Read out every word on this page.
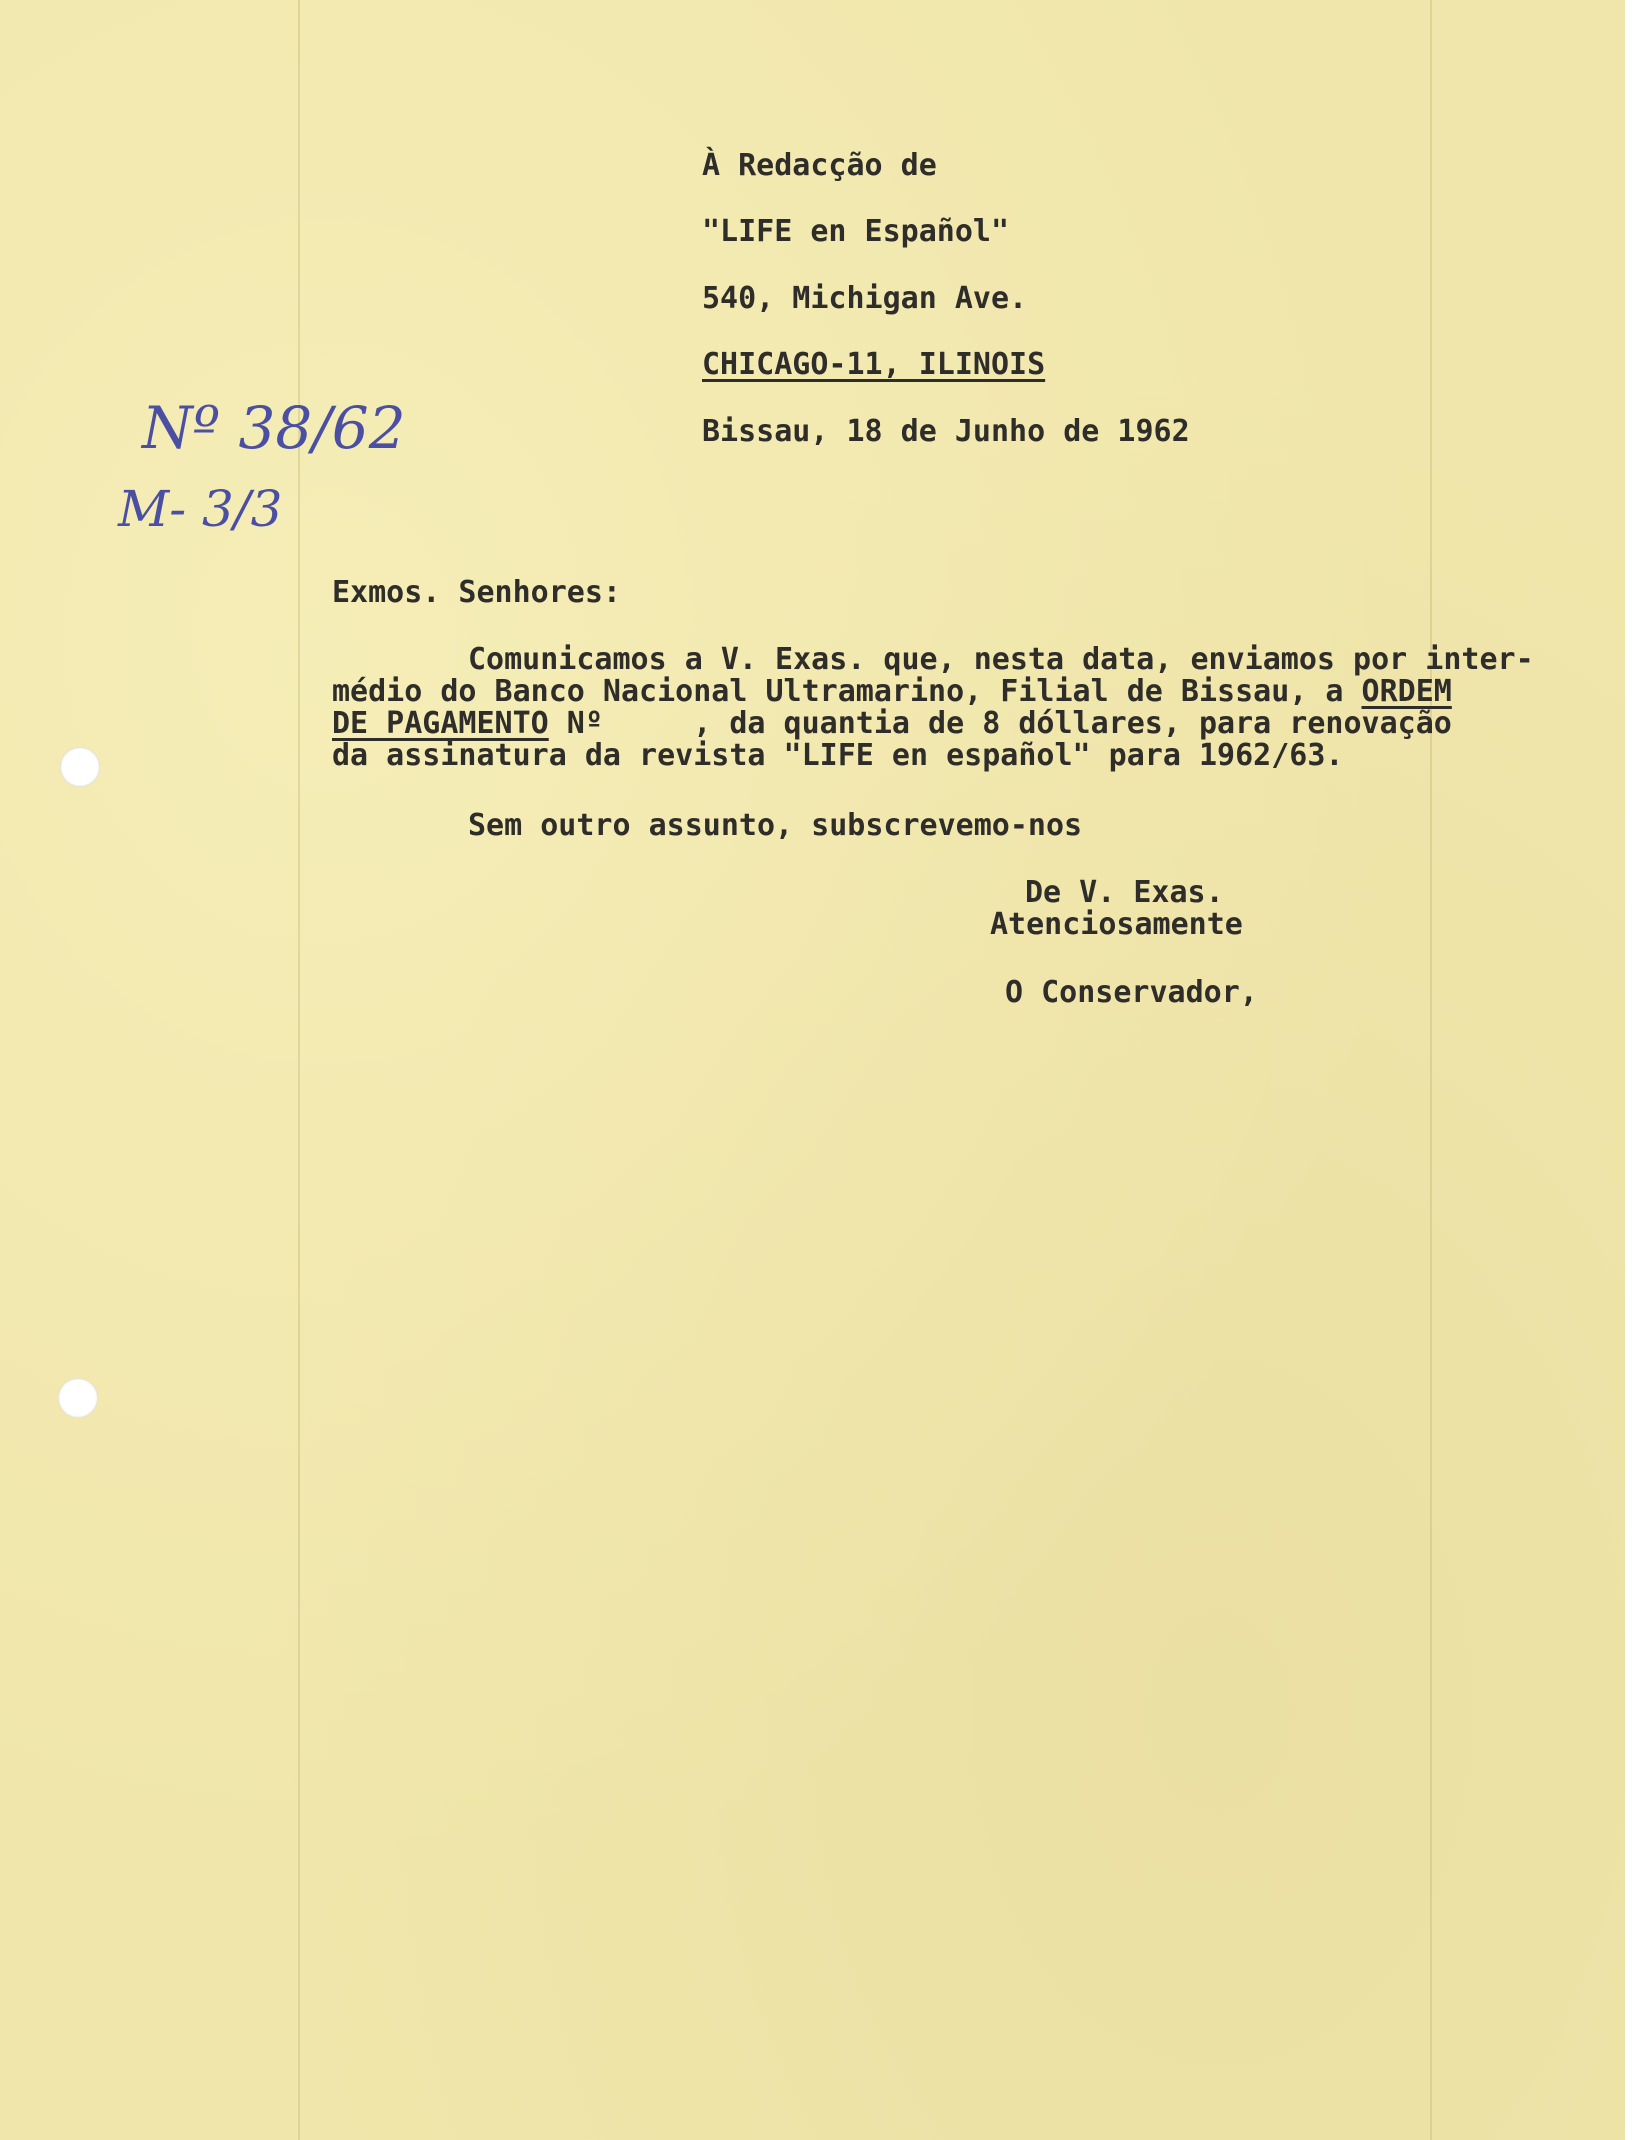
À Redacção de
"LIFE en Español"
540, Michigan Ave.
CHICAGO-11, ILINOIS
Bissau, 18 de Junho de 1962
Nº 38/62
M- 3/3
Exmos. Senhores:
Comunicamos a V. Exas. que, nesta data, enviamos por inter-
médio do Banco Nacional Ultramarino, Filial de Bissau, a ORDEM
DE PAGAMENTO Nº     , da quantia de 8 dóllares, para renovação
da assinatura da revista "LIFE en español" para 1962/63.
Sem outro assunto, subscrevemo-nos
De V. Exas.
Atenciosamente
O Conservador,
